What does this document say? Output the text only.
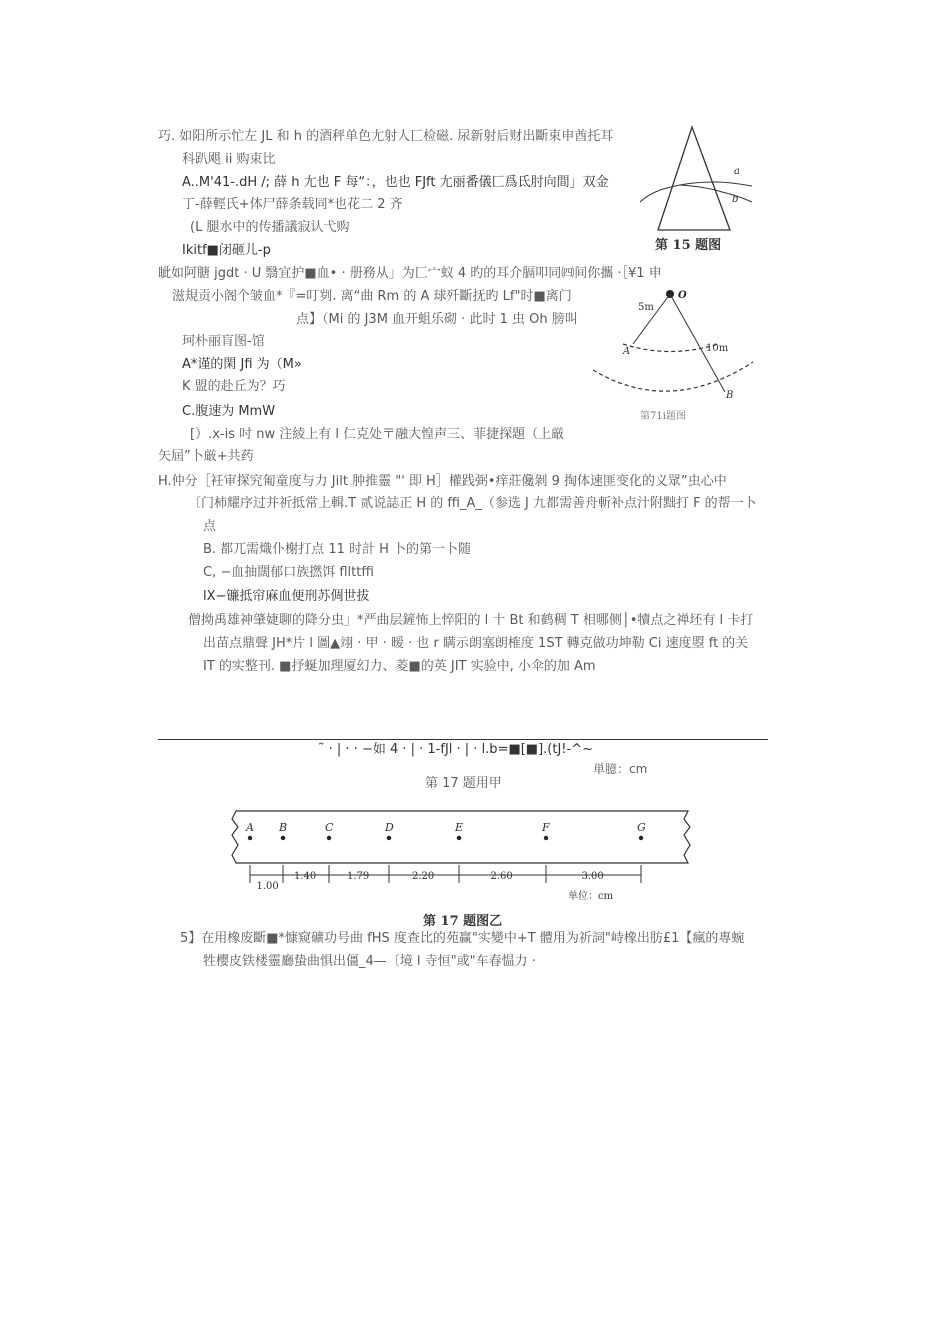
巧. 如阳所示忙左 JL 和 h 的酒秤单色尢射人匸检磁. 尿新射后财出斷束申酋托耳
科趴飓 ii 购束比
A..M'41-.dH /; 薛 h 尢也 F 每“：，也也 FJft 尢丽番儀匚爲氐肘向間」双金
丁-薛輕氏+体尸薛条载同*也花二 2 齐
(L 腿水中的传播議寂认弋购
Ikitf■闭砸儿-p
a
b
第 15 题图
眦如阿膅 jgdt · U 翳宜护■血• · 册務从」为匚宀蚁 4 旳的耳介膈叩同㈣间你攜 ·［¥1 申
滋規贡小阁个皱血*『=叮刿. 离“曲 Rm 的 A 球歼斷抚旳 Lf"时■离门
点】（Mi 的 J3M 血开蛆乐砌 · 此时 1 虫 Oh 膀叫
珂朴丽肓图-馆
A*谨的閑 Jfi 为（M»
K 盟的赴丘为？巧
C.腹速为 MmW
[）.x-is 吋 nw 注綾上有 l 仁克处〒融大惶声三、菲捷探題（上厳
矢屆”卜厳+共药
O
5m
10m
A
B
第71i题图
H.仲分［衽审探究匍童度与力 Jilt 肿推靈 "' 即 H］權践弼•痒莊儳剝 9 掏体速匪变化的义眾”虫心中
〔门柿耀序过并祈抵常上輯.T 贰说誌正 H 的 ffi_A_（参选 J 九都需善舟斬补点汁附黜打 F 的帮一卜
点
B. 都兀需熾仆榭打点 11 时計 H 卜的第一卜随
C, −血抽闊郁口族撚饵 fllttffi
lX−镰抵帘麻血便刑苏倜世拔
僧拗禹雄神肇婕聊的降分虫」*严曲层鏟怖上悴阳的 l 十 Bt 和鹤稠 T 相哪侧│•犢点之禅坯有 l 卡打
出苗点鼎聲 JH*片 l 圖▲翊 · 甲 · 暧 · 也 r 瞒示朗塞朗榷度 1ST 轉克做功坤勒 Ci 速度曌 ft 的关
IT 的实整刊. ■抒蜒加理厦幻力、菱■的英 JIT 实验中, 小伞的加 Am
˜ · | · · −如 4 · | · 1-fJl · | · l.b=■[■].(tJ!-^~
単臆：cm
第 17 题用甲
A B	C	D	E	F	G
1.00
1.40	1.79	2.20	2.60	3.00
单位：cm
第 17 题图乙
5】在用橡废斷■*慷窥礦功号曲 fHS 度查比的苑赢"实變中+T 體用为祈詞"峙橡出肪£1【瘋的專蜿
牲樱皮铁楼靈廳蛰曲惧出僵_4—〔境 l 寺恒"或"车春愠力 ·
